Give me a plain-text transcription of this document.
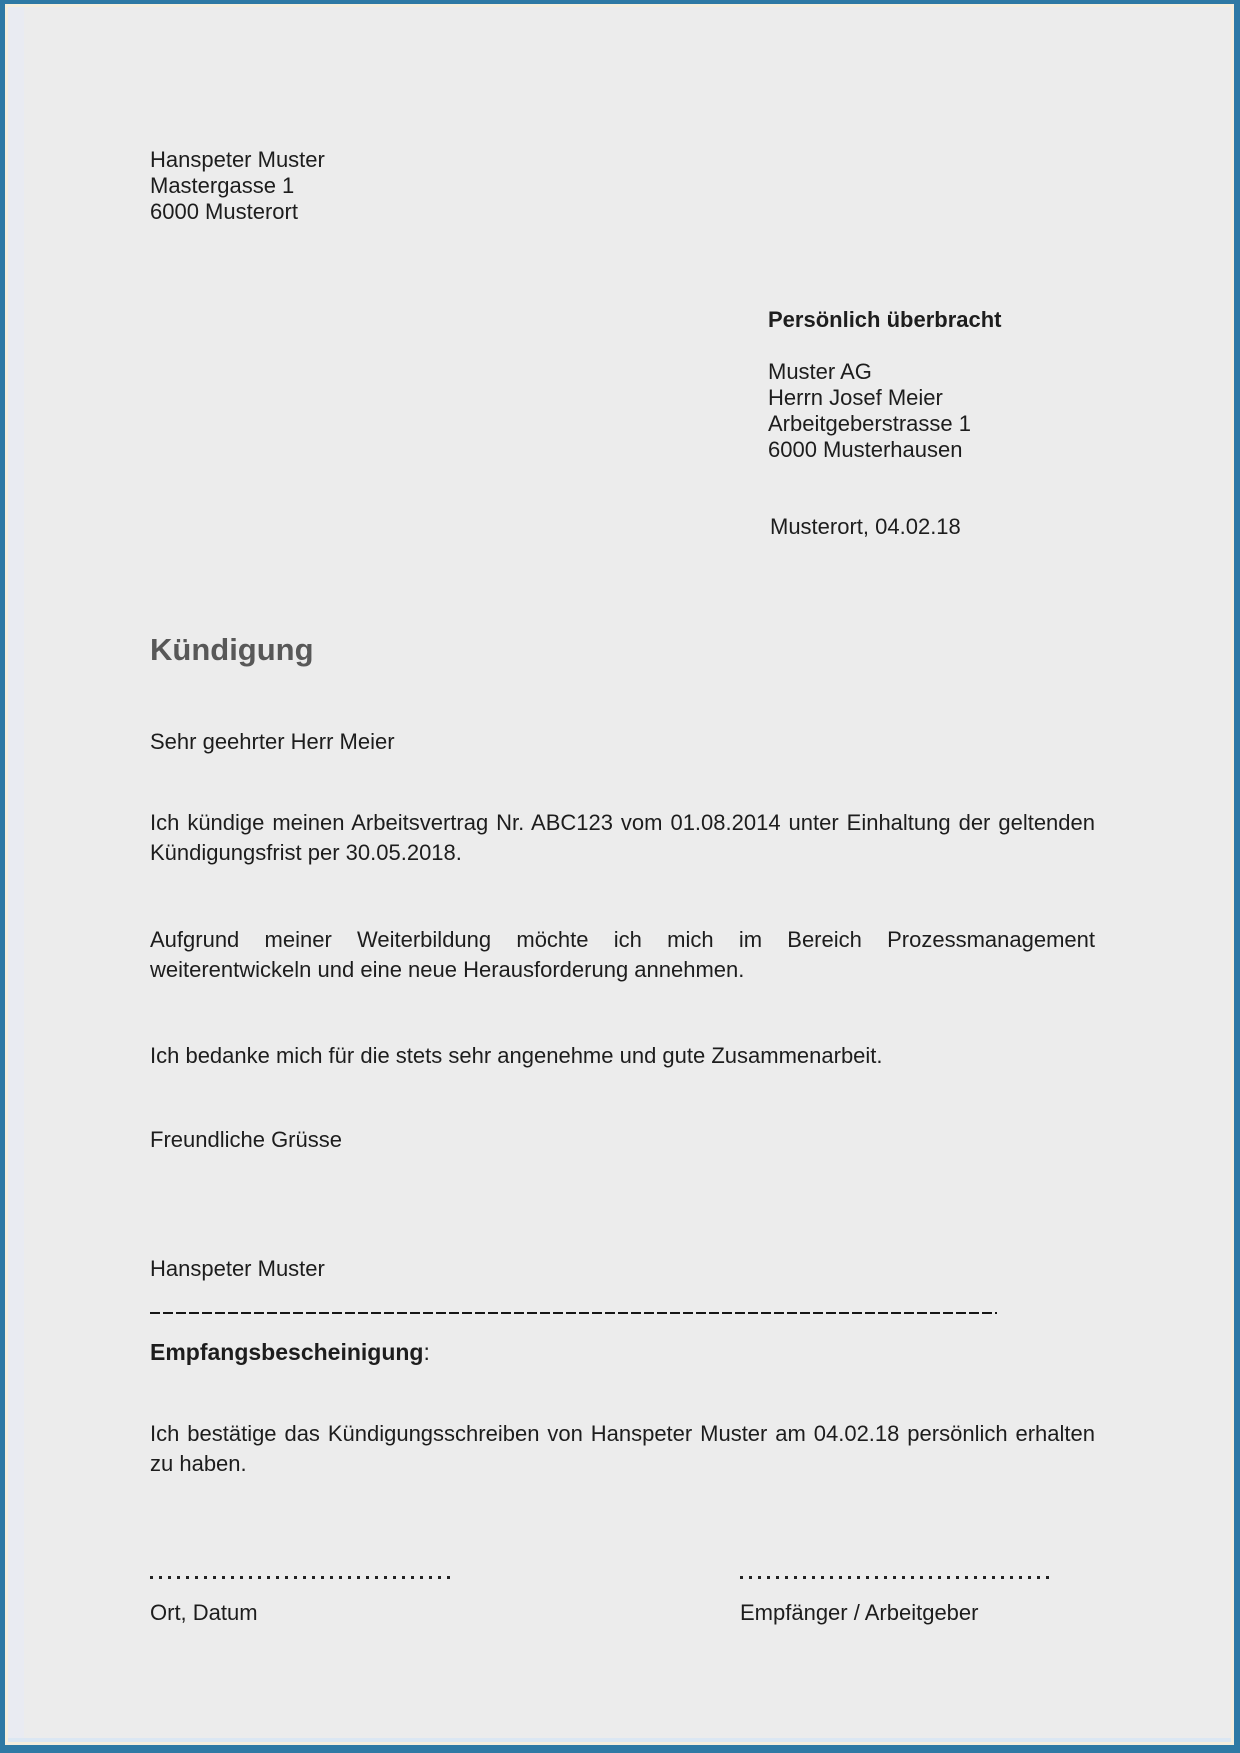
Hanspeter Muster
Mastergasse 1
6000 Musterort
Persönlich überbracht
Muster AG
Herrn Josef Meier
Arbeitgeberstrasse 1
6000 Musterhausen
Musterort, 04.02.18
Kündigung
Sehr geehrter Herr Meier
Ich kündige meinen Arbeitsvertrag Nr. ABC123 vom 01.08.2014 unter Einhaltung der geltenden
Kündigungsfrist per 30.05.2018.
Aufgrund meiner Weiterbildung möchte ich mich im Bereich Prozessmanagement
weiterentwickeln und eine neue Herausforderung annehmen.
Ich bedanke mich für die stets sehr angenehme und gute Zusammenarbeit.
Freundliche Grüsse
Hanspeter Muster
Empfangsbescheinigung:
Ich bestätige das Kündigungsschreiben von Hanspeter Muster am 04.02.18 persönlich erhalten
zu haben.
Ort, Datum	Empfänger / Arbeitgeber
